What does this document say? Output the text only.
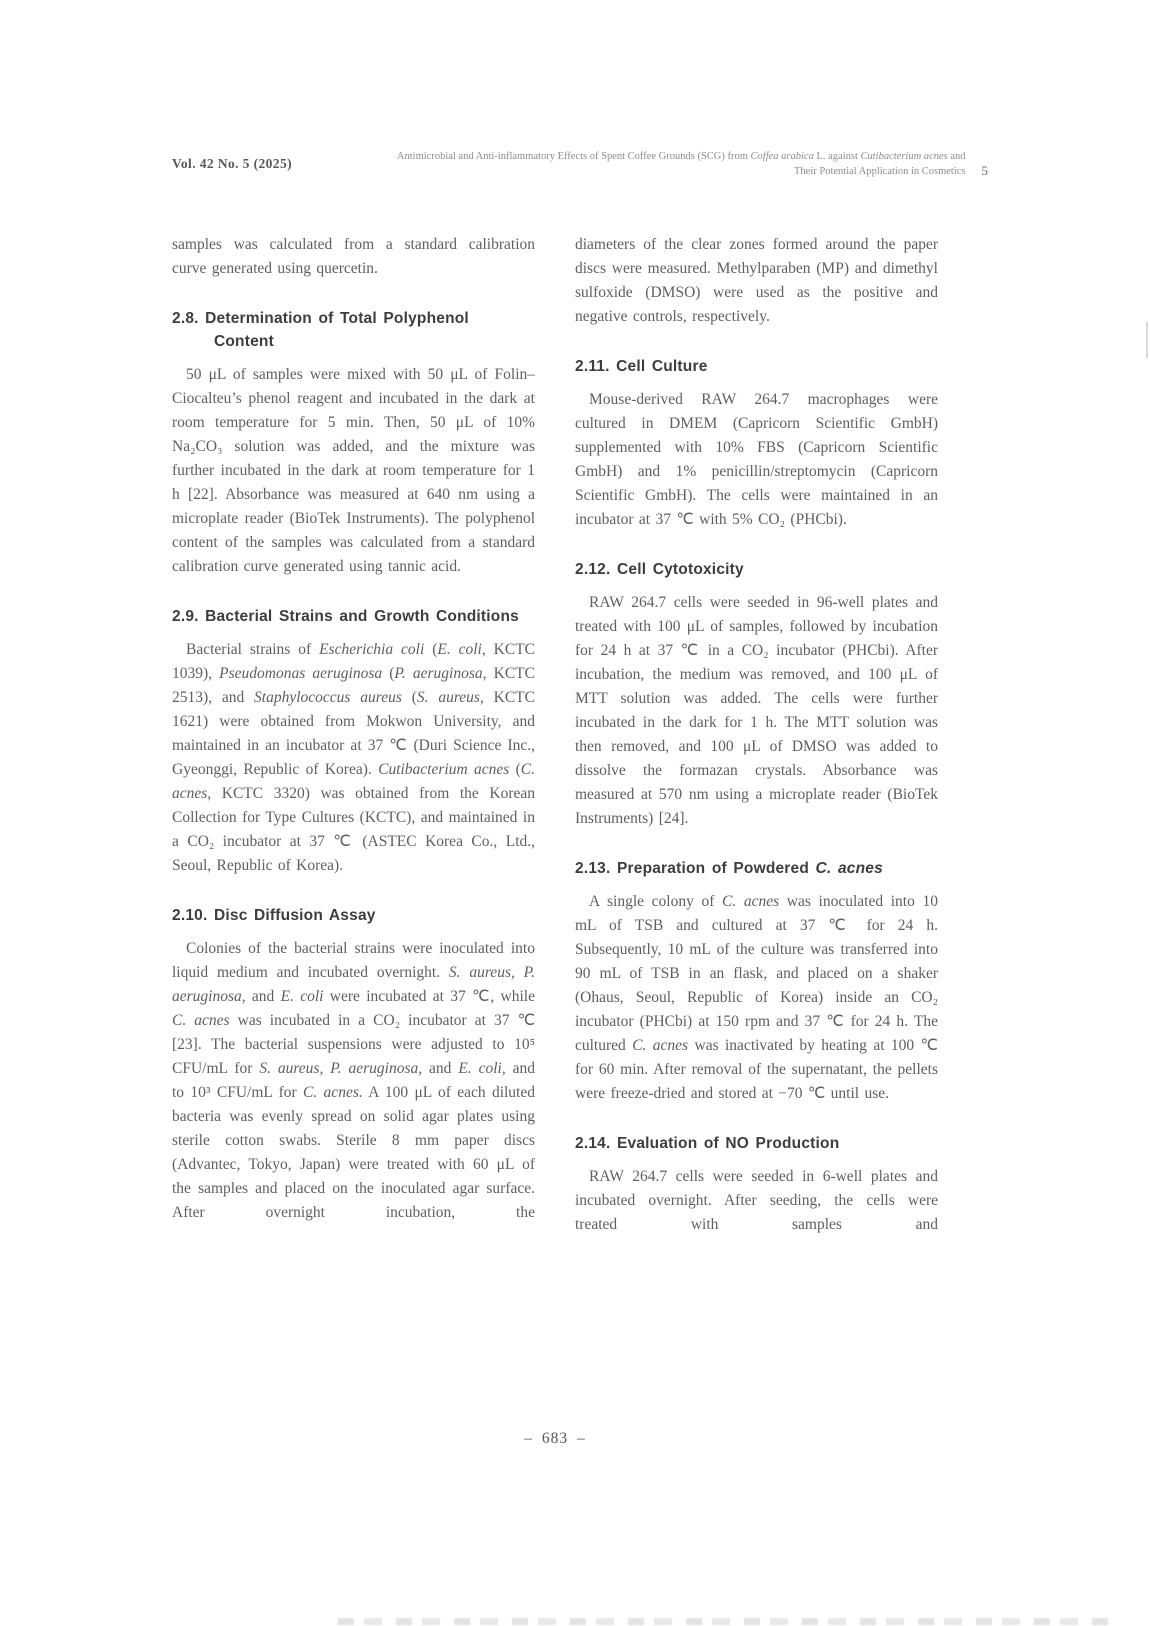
Vol. 42 No. 5 (2025)	Antimicrobial and Anti-inflammatory Effects of Spent Coffee Grounds (SCG) from Coffea arabica L. against Cutibacterium acnes and Their Potential Application in Cosmetics 5
samples was calculated from a standard calibration curve generated using quercetin.
2.8. Determination of Total Polyphenol Content
50 μL of samples were mixed with 50 μL of Folin–Ciocalteu’s phenol reagent and incubated in the dark at room temperature for 5 min. Then, 50 μL of 10% Na₂CO₃ solution was added, and the mixture was further incubated in the dark at room temperature for 1 h [22]. Absorbance was measured at 640 nm using a microplate reader (BioTek Instruments). The polyphenol content of the samples was calculated from a standard calibration curve generated using tannic acid.
2.9. Bacterial Strains and Growth Conditions
Bacterial strains of Escherichia coli (E. coli, KCTC 1039), Pseudomonas aeruginosa (P. aeruginosa, KCTC 2513), and Staphylococcus aureus (S. aureus, KCTC 1621) were obtained from Mokwon University, and maintained in an incubator at 37 ℃ (Duri Science Inc., Gyeonggi, Republic of Korea). Cutibacterium acnes (C. acnes, KCTC 3320) was obtained from the Korean Collection for Type Cultures (KCTC), and maintained in a CO₂ incubator at 37 ℃ (ASTEC Korea Co., Ltd., Seoul, Republic of Korea).
2.10. Disc Diffusion Assay
Colonies of the bacterial strains were inoculated into liquid medium and incubated overnight. S. aureus, P. aeruginosa, and E. coli were incubated at 37 ℃, while C. acnes was incubated in a CO₂ incubator at 37 ℃ [23]. The bacterial suspensions were adjusted to 10⁵ CFU/mL for S. aureus, P. aeruginosa, and E. coli, and to 10³ CFU/mL for C. acnes. A 100 μL of each diluted bacteria was evenly spread on solid agar plates using sterile cotton swabs. Sterile 8 mm paper discs (Advantec, Tokyo, Japan) were treated with 60 μL of the samples and placed on the inoculated agar surface. After overnight incubation, the
diameters of the clear zones formed around the paper discs were measured. Methylparaben (MP) and dimethyl sulfoxide (DMSO) were used as the positive and negative controls, respectively.
2.11. Cell Culture
Mouse-derived RAW 264.7 macrophages were cultured in DMEM (Capricorn Scientific GmbH) supplemented with 10% FBS (Capricorn Scientific GmbH) and 1% penicillin/streptomycin (Capricorn Scientific GmbH). The cells were maintained in an incubator at 37 ℃ with 5% CO₂ (PHCbi).
2.12. Cell Cytotoxicity
RAW 264.7 cells were seeded in 96-well plates and treated with 100 μL of samples, followed by incubation for 24 h at 37 ℃ in a CO₂ incubator (PHCbi). After incubation, the medium was removed, and 100 μL of MTT solution was added. The cells were further incubated in the dark for 1 h. The MTT solution was then removed, and 100 μL of DMSO was added to dissolve the formazan crystals. Absorbance was measured at 570 nm using a microplate reader (BioTek Instruments) [24].
2.13. Preparation of Powdered C. acnes
A single colony of C. acnes was inoculated into 10 mL of TSB and cultured at 37 ℃ for 24 h. Subsequently, 10 mL of the culture was transferred into 90 mL of TSB in an flask, and placed on a shaker (Ohaus, Seoul, Republic of Korea) inside an CO₂ incubator (PHCbi) at 150 rpm and 37 ℃ for 24 h. The cultured C. acnes was inactivated by heating at 100 ℃ for 60 min. After removal of the supernatant, the pellets were freeze-dried and stored at −70 ℃ until use.
2.14. Evaluation of NO Production
RAW 264.7 cells were seeded in 6-well plates and incubated overnight. After seeding, the cells were treated with samples and
– 683 –
